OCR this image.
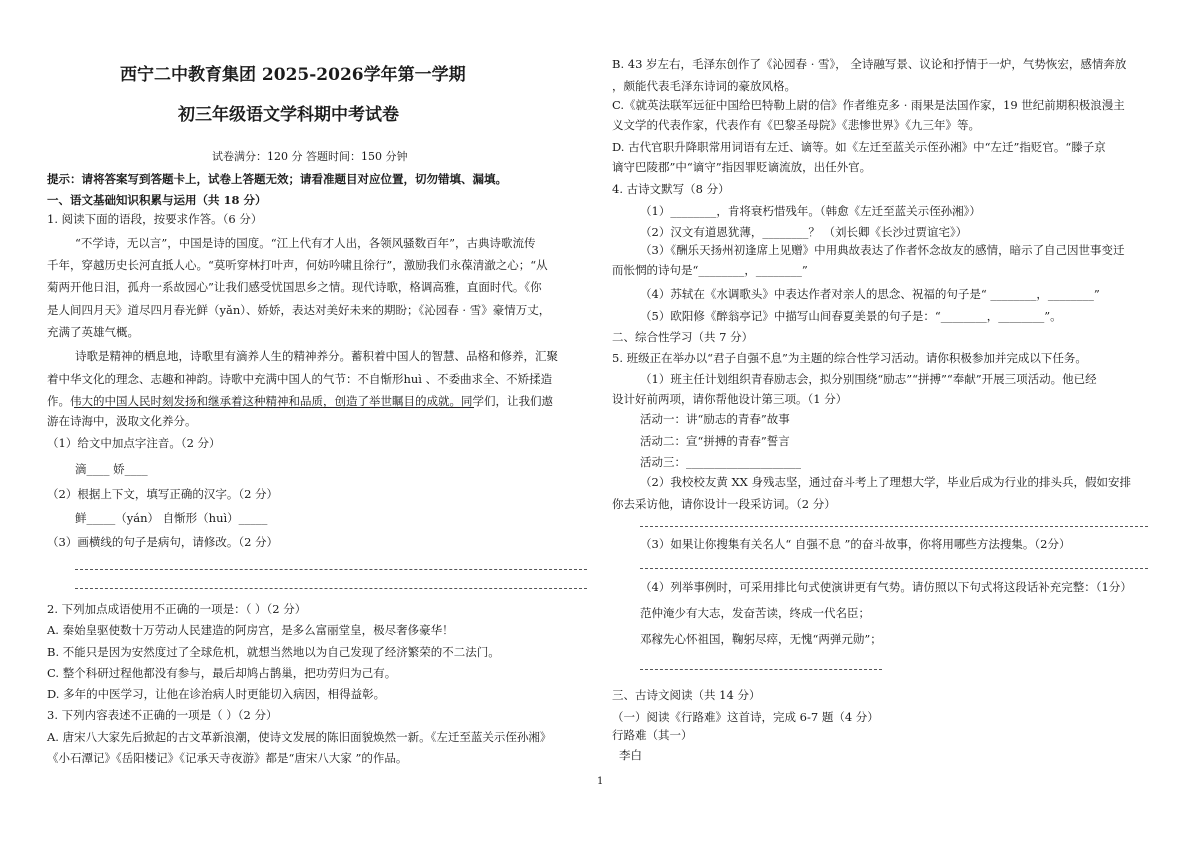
西宁二中教育集团 2025-2026学年第一学期
初三年级语文学科期中考试卷
试卷满分：120 分 答题时间：150 分钟
提示：请将答案写到答题卡上，试卷上答题无效；请看准题目对应位置，切勿错填、漏填。
一、语文基础知识积累与运用（共 18 分）
1. 阅读下面的语段，按要求作答。（6 分）
“不学诗，无以言”，中国是诗的国度。“江上代有才人出，各领风骚数百年”，古典诗歌流传
千年，穿越历史长河直抵人心。“莫听穿林打叶声，何妨吟啸且徐行”，激励我们永葆清澈之心；“从
菊两开他日泪，孤舟一系故园心”让我们感受忧国思乡之情。现代诗歌，格调高雅，直面时代。《你
是人间四月天》道尽四月春光鲜（yǎn）、娇娇，表达对美好未来的期盼；《沁园春 · 雪》豪情万丈，
充满了英雄气概。
诗歌是精神的栖息地，诗歌里有滴养人生的精神养分。蓄积着中国人的智慧、品格和修养，汇聚
着中华文化的理念、志趣和神韵。诗歌中充满中国人的气节：不自惭形huì 、不委曲求全、不矫揉造
作。伟大的中国人民时刻发扬和继承着这种精神和品质，创造了举世瞩目的成就。同学们，让我们遨
游在诗海中，汲取文化养分。
（1）给文中加点字注音。（2 分）
滴____ 娇____
（2）根据上下文，填写正确的汉字。（2 分）
鲜_____（yán） 自惭形（huì）_____
（3）画横线的句子是病句，请修改。（2 分）
2. 下列加点成语使用不正确的一项是：（ ）（2 分）
A. 秦始皇驱使数十万劳动人民建造的阿房宫，是多么富丽堂皇，极尽奢侈豪华！
B. 不能只是因为安然度过了全球危机，就想当然地以为自己发现了经济繁荣的不二法门。
C. 整个科研过程他都没有参与，最后却鸠占鹊巢，把功劳归为己有。
D. 多年的中医学习，让他在诊治病人时更能切入病因，相得益彰。
3. 下列内容表述不正确的一项是（ ）（2 分）
A. 唐宋八大家先后掀起的古文革新浪潮，使诗文发展的陈旧面貌焕然一新。《左迁至蓝关示侄孙湘》
《小石潭记》《岳阳楼记》《记承天寺夜游》都是“唐宋八大家 ”的作品。
B. 43 岁左右，毛泽东创作了《沁园春 · 雪》， 全诗融写景、议论和抒情于一炉，气势恢宏，感情奔放
，颇能代表毛泽东诗词的豪放风格。
C.《就英法联军远征中国给巴特勒上尉的信》作者维克多 · 雨果是法国作家，19 世纪前期积极浪漫主
义文学的代表作家，代表作有《巴黎圣母院》《悲惨世界》《九三年》等。
D. 古代官职升降职常用词语有左迁、谪等。如《左迁至蓝关示侄孙湘》中“左迁”指贬官。“滕子京
谪守巴陵郡”中“谪守”指因罪贬谪流放，出任外官。
4. 古诗文默写（8 分）
（1）________，肯将衰朽惜残年。（韩愈《左迁至蓝关示侄孙湘》）
（2）汉文有道恩犹薄，________？ （刘长卿《长沙过贾谊宅》）
（3）《酬乐天扬州初逢席上见赠》中用典故表达了作者怀念故友的感情，暗示了自己因世事变迁
而怅惘的诗句是“________，________”
（4）苏轼在《水调歌头》中表达作者对亲人的思念、祝福的句子是“ ________，________”
（5）欧阳修《醉翁亭记》中描写山间春夏美景的句子是：“________，________”。
二、综合性学习（共 7 分）
5. 班级正在举办以“君子自强不息”为主题的综合性学习活动。请你积极参加并完成以下任务。
（1）班主任计划组织青春励志会，拟分别围绕“励志”“拼搏”“奉献”开展三项活动。他已经
设计好前两项，请你帮他设计第三项。（1 分）
活动一：讲“励志的青春”故事
活动二：宣“拼搏的青春”誓言
活动三：____________________
（2）我校校友黄 XX 身残志坚，通过奋斗考上了理想大学，毕业后成为行业的排头兵，假如安排
你去采访他，请你设计一段采访词。（2 分）
（3）如果让你搜集有关名人“ 自强不息 ”的奋斗故事，你将用哪些方法搜集。（2分）
（4）列举事例时，可采用排比句式使演讲更有气势。请仿照以下句式将这段话补充完整：（1分）
范仲淹少有大志，发奋苦读，终成一代名臣；
邓稼先心怀祖国，鞠躬尽瘁，无愧“两弹元勋”；
三、古诗文阅读（共 14 分）
（一）阅读《行路难》这首诗，完成 6-7 题（4 分）
行路难（其一）
李白
1
